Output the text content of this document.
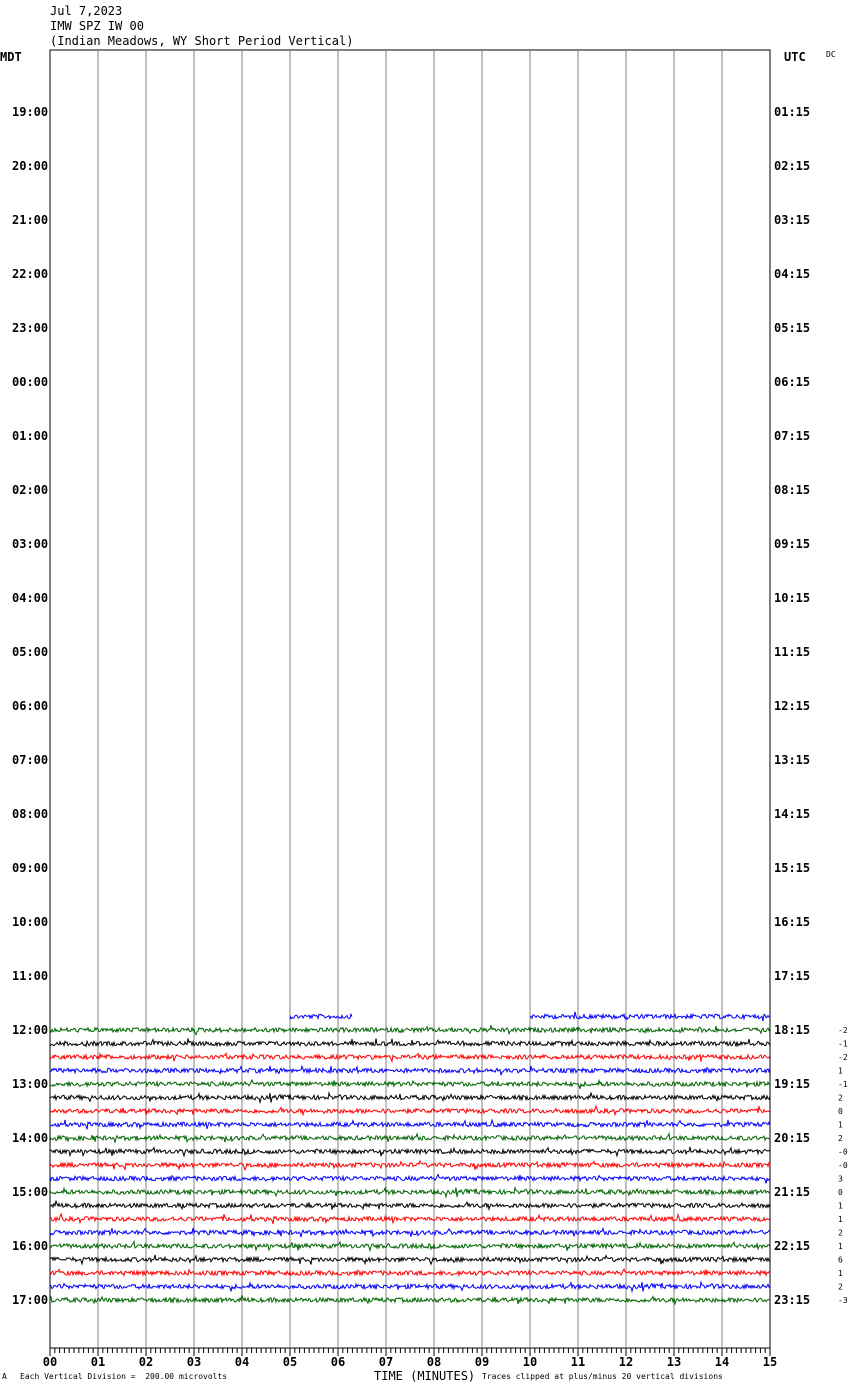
Jul 7,2023
IMW SPZ IW 00
(Indian Meadows, WY Short Period Vertical)
MDT	UTC	DC
19:00
20:00
21:00
22:00
23:00
00:00
01:00
02:00
03:00
04:00
05:00
06:00
07:00
08:00
09:00
10:00
11:00
12:00
13:00
14:00
15:00
16:00
17:00
01:15
02:15
03:15
04:15
05:15
06:15
07:15
08:15
09:15
10:15
11:15
12:15
13:15
14:15
15:15
16:15
17:15
18:15
19:15
20:15
21:15
22:15
23:15
-2
-1
-2
1
-1
2
0
1
2
-0
-0
3
0
1
1
2
1
6
1
2
-3
00	01	02	03	04	05	06	07	08	09	10	11	12	13	14	15
A Each Vertical Division =  200.00 microvolts	TIME (MINUTES) Traces clipped at plus/minus 20 vertical divisions
